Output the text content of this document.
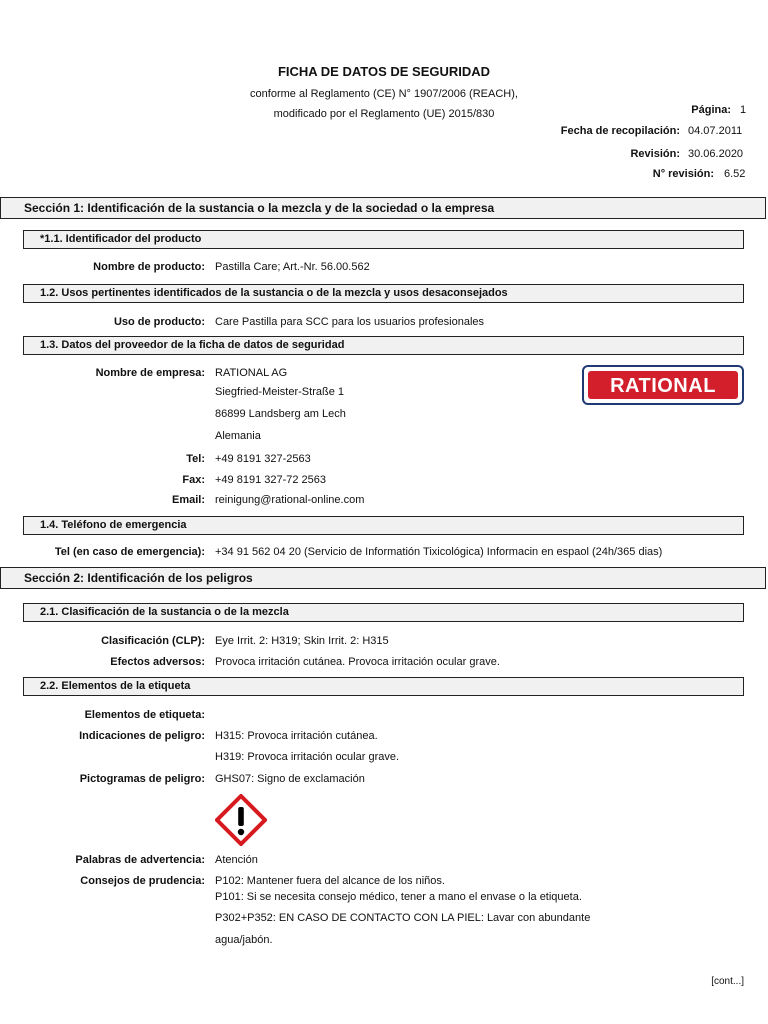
FICHA DE DATOS DE SEGURIDAD
conforme al Reglamento (CE) N° 1907/2006 (REACH),
modificado por el Reglamento (UE) 2015/830	Página: 1
Fecha de recopilación: 04.07.2011
Revisión: 30.06.2020
N° revisión: 6.52
Sección 1: Identificación de la sustancia o la mezcla y de la sociedad o la empresa
*1.1. Identificador del producto
Nombre de producto: Pastilla Care; Art.-Nr. 56.00.562
1.2. Usos pertinentes identificados de la sustancia o de la mezcla y usos desaconsejados
Uso de producto: Care Pastilla para SCC para los usuarios profesionales
1.3. Datos del proveedor de la ficha de datos de seguridad
Nombre de empresa: RATIONAL AG
Siegfried-Meister-Straße 1
86899 Landsberg am Lech
Alemania
Tel: +49 8191 327-2563
Fax: +49 8191 327-72 2563
Email: reinigung@rational-online.com
RATIONAL
1.4. Teléfono de emergencia
Tel (en caso de emergencia): +34 91 562 04 20 (Servicio de Informatión Tixicológica) Informacin en espaol (24h/365 dias)
Sección 2: Identificación de los peligros
2.1. Clasificación de la sustancia o de la mezcla
Clasificación (CLP): Eye Irrit. 2: H319; Skin Irrit. 2: H315
Efectos adversos: Provoca irritación cutánea. Provoca irritación ocular grave.
2.2. Elementos de la etiqueta
Elementos de etiqueta:
Indicaciones de peligro: H315: Provoca irritación cutánea.
H319: Provoca irritación ocular grave.
Pictogramas de peligro: GHS07: Signo de exclamación
Palabras de advertencia: Atención
Consejos de prudencia: P102: Mantener fuera del alcance de los niños.
P101: Si se necesita consejo médico, tener a mano el envase o la etiqueta.
P302+P352: EN CASO DE CONTACTO CON LA PIEL: Lavar con abundante
agua/jabón.
[cont...]
